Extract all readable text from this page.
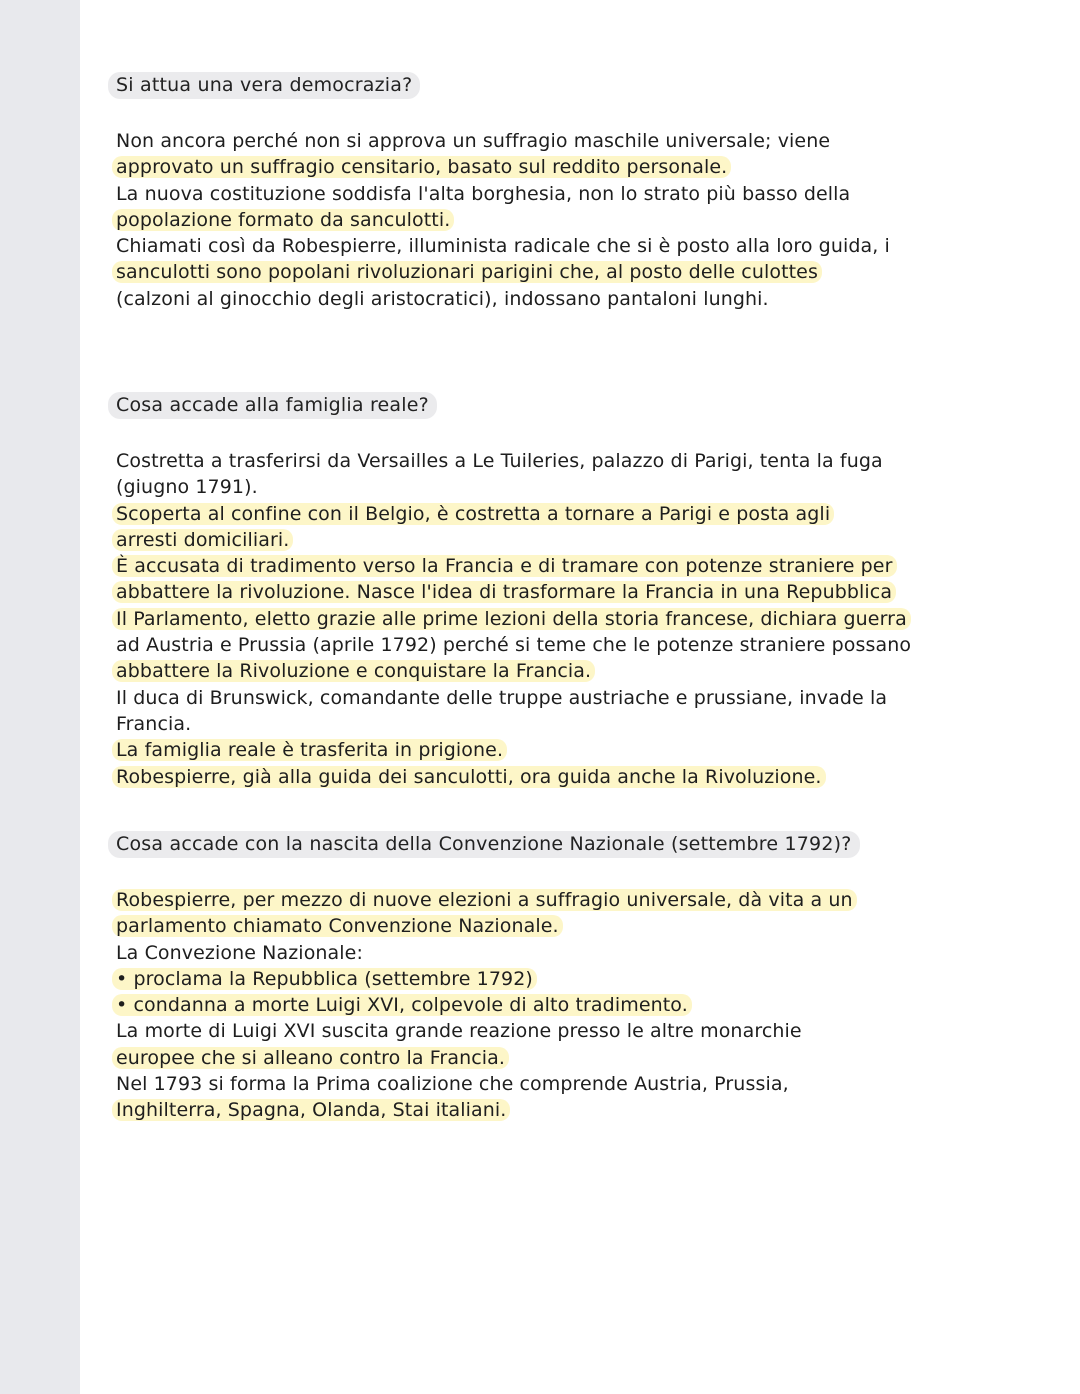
Si attua una vera democrazia?
Non ancora perché non si approva un suffragio maschile universale; viene
approvato un suffragio censitario, basato sul reddito personale.
La nuova costituzione soddisfa l'alta borghesia, non lo strato più basso della
popolazione formato da sanculotti.
Chiamati così da Robespierre, illuminista radicale che si è posto alla loro guida, i
sanculotti sono popolani rivoluzionari parigini che, al posto delle culottes
(calzoni al ginocchio degli aristocratici), indossano pantaloni lunghi.
Cosa accade alla famiglia reale?
Costretta a trasferirsi da Versailles a Le Tuileries, palazzo di Parigi, tenta la fuga
(giugno 1791).
Scoperta al confine con il Belgio, è costretta a tornare a Parigi e posta agli
arresti domiciliari.
È accusata di tradimento verso la Francia e di tramare con potenze straniere per
abbattere la rivoluzione. Nasce l'idea di trasformare la Francia in una Repubblica
Il Parlamento, eletto grazie alle prime lezioni della storia francese, dichiara guerra
ad Austria e Prussia (aprile 1792) perché si teme che le potenze straniere possano
abbattere la Rivoluzione e conquistare la Francia.
Il duca di Brunswick, comandante delle truppe austriache e prussiane, invade la
Francia.
La famiglia reale è trasferita in prigione.
Robespierre, già alla guida dei sanculotti, ora guida anche la Rivoluzione.
Cosa accade con la nascita della Convenzione Nazionale (settembre 1792)?
Robespierre, per mezzo di nuove elezioni a suffragio universale, dà vita a un
parlamento chiamato Convenzione Nazionale.
La Convezione Nazionale:
• proclama la Repubblica (settembre 1792)
• condanna a morte Luigi XVI, colpevole di alto tradimento.
La morte di Luigi XVI suscita grande reazione presso le altre monarchie
europee che si alleano contro la Francia.
Nel 1793 si forma la Prima coalizione che comprende Austria, Prussia,
Inghilterra, Spagna, Olanda, Stai italiani.
